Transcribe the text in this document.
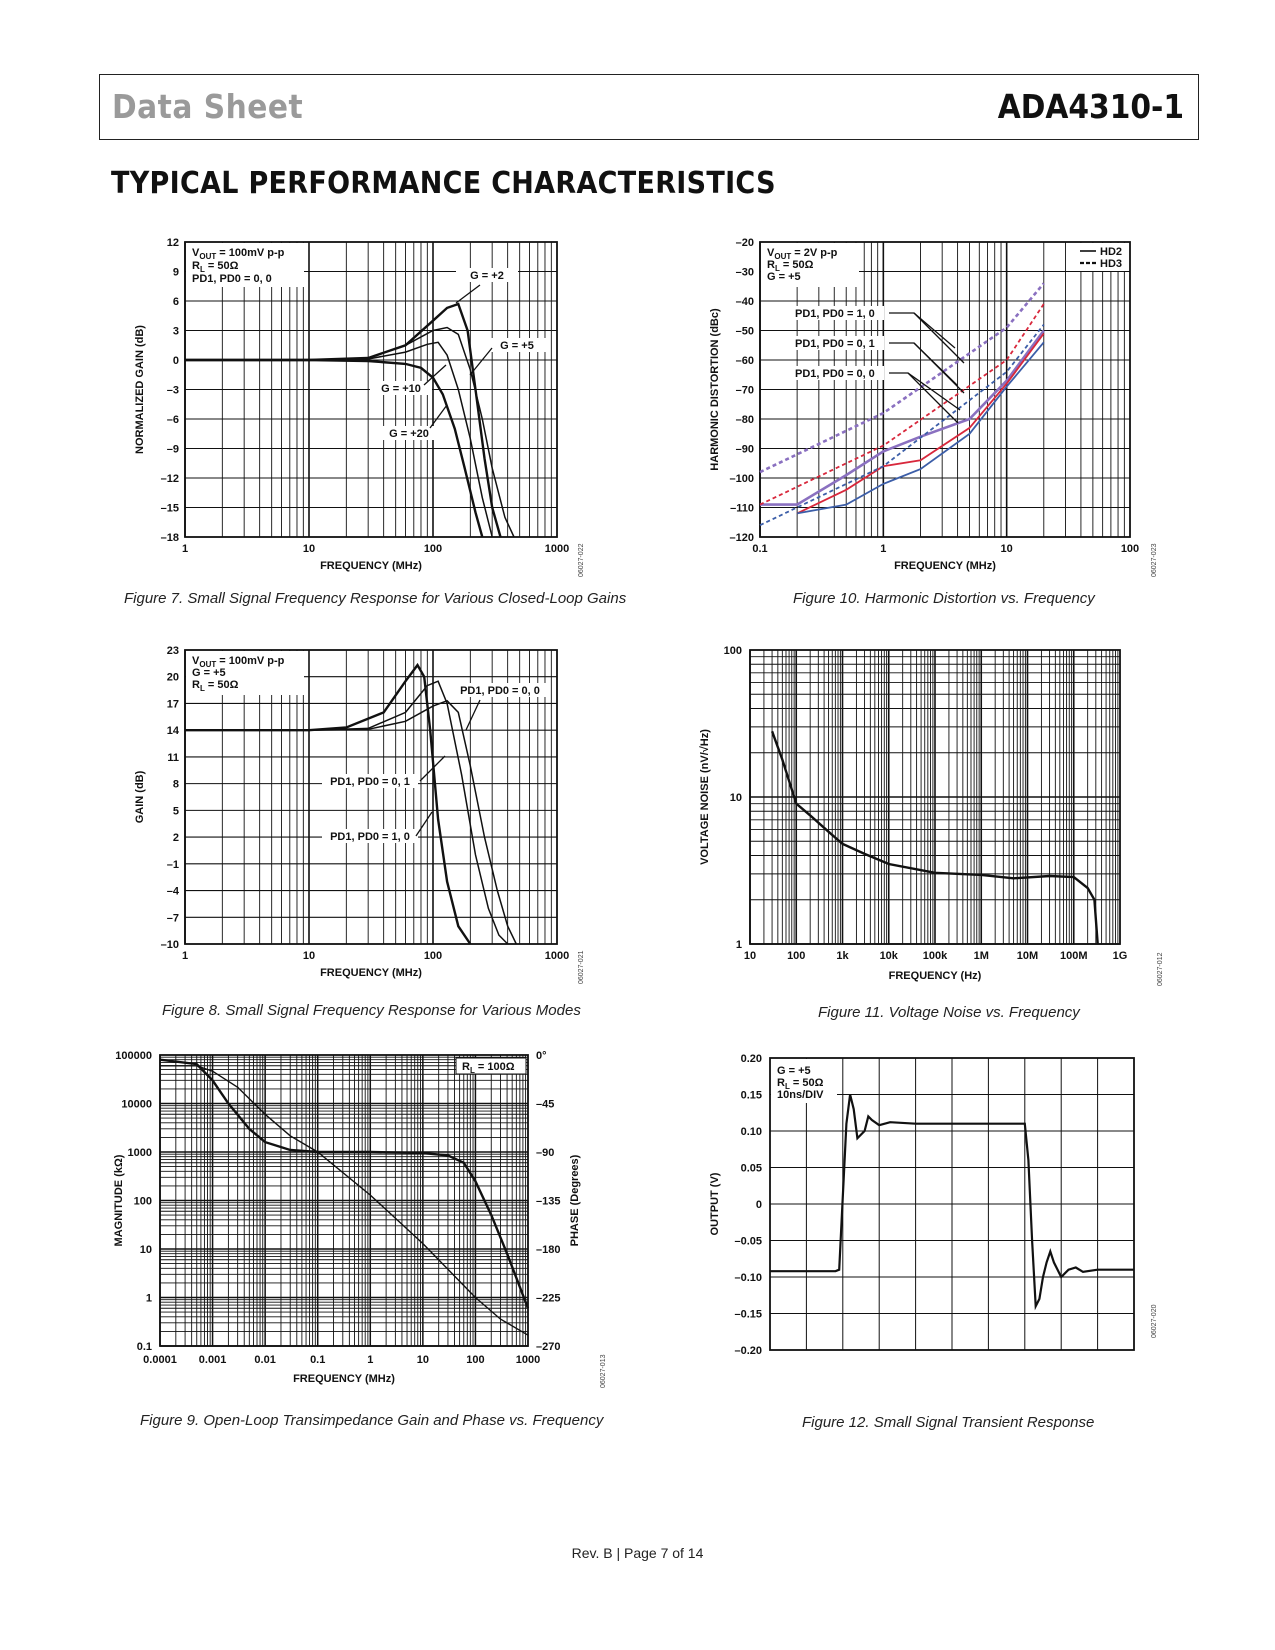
Data Sheet	ADA4310-1
TYPICAL PERFORMANCE CHARACTERISTICS
1	10	100	1000
–18
–15
–12
–9
–6
–3
0
3
6
9
12
FREQUENCY (MHz)
NORMALIZED GAIN (dB)
06027-022
$V_{OUT} = 100mV$ p-p
$R_L = 50\Omega$
PD1, PD0 = 0, 0	G = +2
G = +5
G = +10
G = +20
1	10	100	1000
–10
–7
–4
–1
2
5
8
11
14
17
20
23
FREQUENCY (MHz)
GAIN (dB)
06027-021
$V_{OUT} = 100mV$ p-p
G = +5
$R_L = 50\Omega$	PD1, PD0 = 0, 0
PD1, PD0 = 0, 1
PD1, PD0 = 1, 0
0.0001 0.001	0.01	0.1	1	10	100	1000
0.1
1
10
100
1000
10000
100000	0°
–45
–90
–135
–180
–225
–270
FREQUENCY (MHz)
MAGNITUDE (kΩ)	PHASE (Degrees)
06027-013
$R_L = 100\Omega$
0.1	1	10	100
–120
–110
–100
–90
–80
–70
–60
–50
–40
–30
–20
FREQUENCY (MHz)
HARMONIC DISTORTION (dBc)
06027-023
$V_{OUT} = 2V$ p-p
$R_L = 50\Omega$
G = +5
HD2
HD3
PD1, PD0 = 1, 0
PD1, PD0 = 0, 1
PD1, PD0 = 0, 0
10	100	1k	10k 100k 1M	10M 100M 1G
1
10
100
FREQUENCY (Hz)
VOLTAGE NOISE (nV/√Hz)
06027-012
–0.20
–0.15
–0.10
–0.05
0
0.05
0.10
0.15
0.20
OUTPUT (V)
06027-020
G = +5
$R_L = 50\Omega$
10ns/DIV
Figure 7. Small Signal Frequency Response for Various Closed-Loop Gains
Figure 8. Small Signal Frequency Response for Various Modes
Figure 9. Open-Loop Transimpedance Gain and Phase vs. Frequency
Figure 10. Harmonic Distortion vs. Frequency
Figure 11. Voltage Noise vs. Frequency
Figure 12. Small Signal Transient Response
Rev. B | Page 7 of 14
